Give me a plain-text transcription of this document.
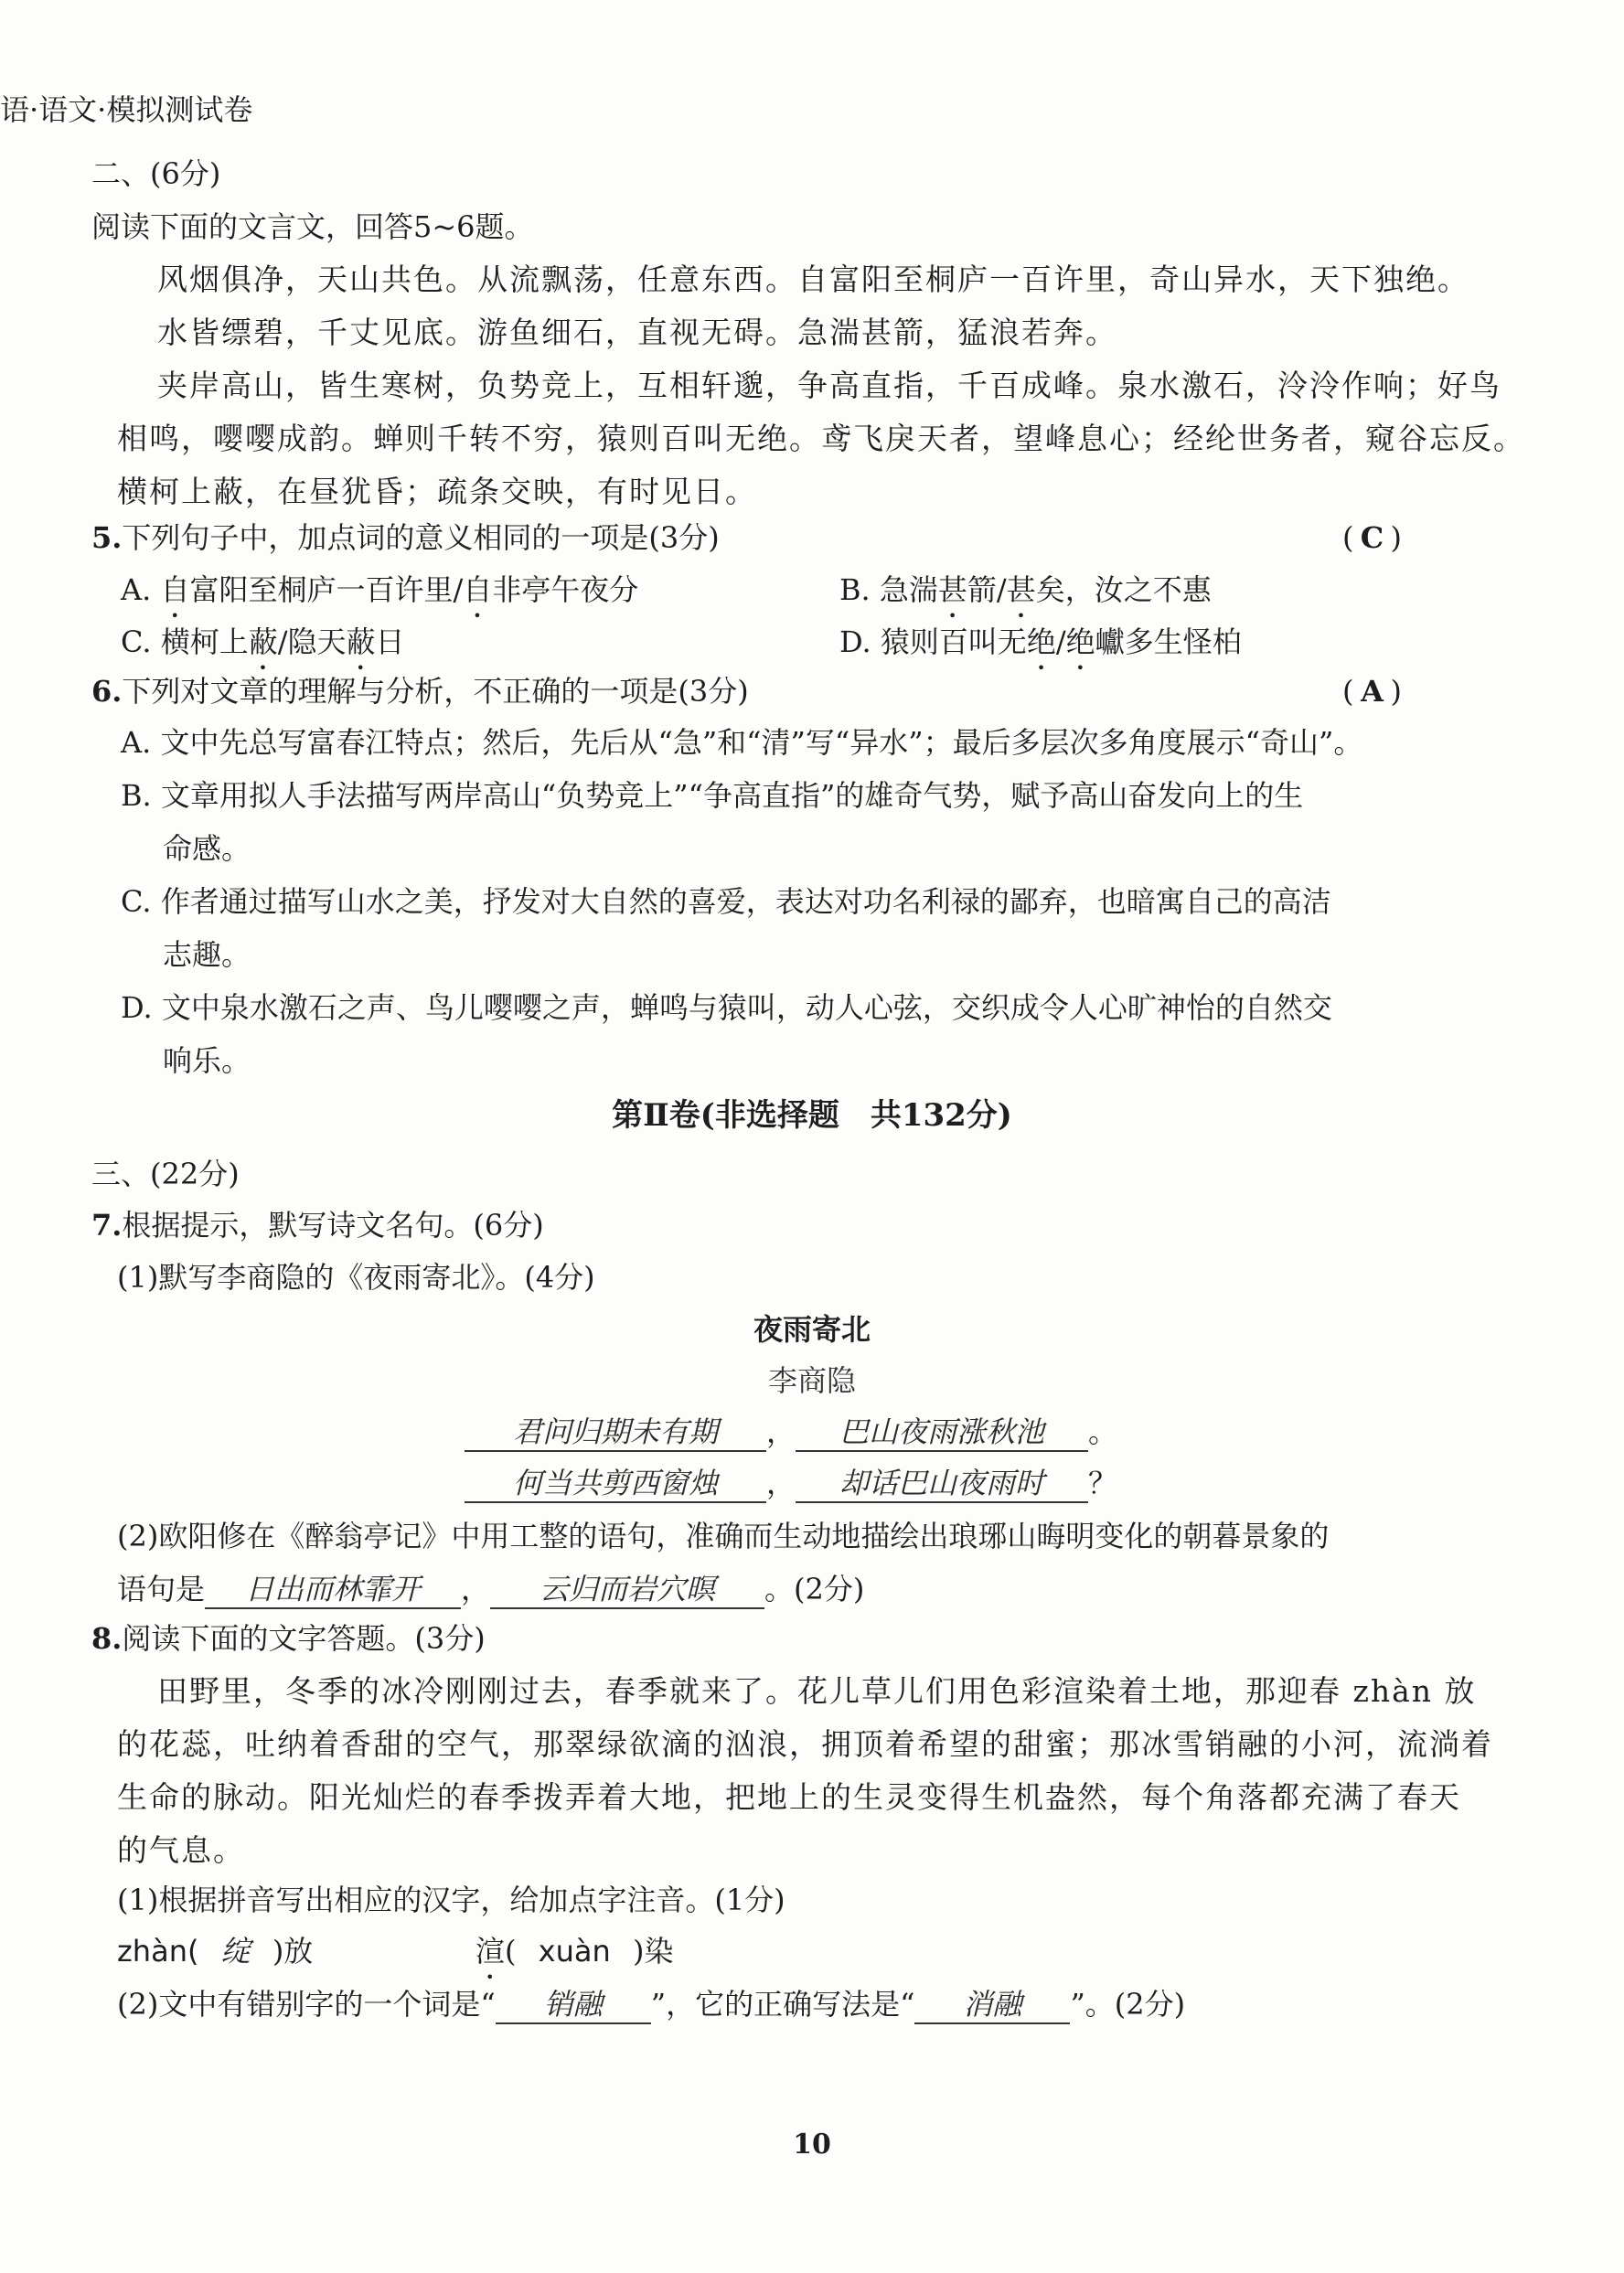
语·语文·模拟测试卷
二、(6分)
阅读下面的文言文，回答5~6题。
风烟俱净，天山共色。从流飘荡，任意东西。自富阳至桐庐一百许里，奇山异水，天下独绝。
水皆缥碧，千丈见底。游鱼细石，直视无碍。急湍甚箭，猛浪若奔。
夹岸高山，皆生寒树，负势竞上，互相轩邈，争高直指，千百成峰。泉水激石，泠泠作响；好鸟
相鸣，嘤嘤成韵。蝉则千转不穷，猿则百叫无绝。鸢飞戾天者，望峰息心；经纶世务者，窥谷忘反。
横柯上蔽，在昼犹昏；疏条交映，有时见日。
5.下列句子中，加点词的意义相同的一项是(3分)	( C )
A. 自富阳至桐庐一百许里/自非亭午夜分	B. 急湍甚箭/甚矣，汝之不惠
C. 横柯上蔽/隐天蔽日	D. 猿则百叫无绝/绝巘多生怪柏
6.下列对文章的理解与分析，不正确的一项是(3分)	( A )
A. 文中先总写富春江特点；然后，先后从“急”和“清”写“异水”；最后多层次多角度展示“奇山”。
B. 文章用拟人手法描写两岸高山“负势竞上”“争高直指”的雄奇气势，赋予高山奋发向上的生
命感。
C. 作者通过描写山水之美，抒发对大自然的喜爱，表达对功名利禄的鄙弃，也暗寓自己的高洁
志趣。
D. 文中泉水激石之声、鸟儿嘤嘤之声，蝉鸣与猿叫，动人心弦，交织成令人心旷神怡的自然交
响乐。
第Ⅱ卷(非选择题　共132分)
三、(22分)
7.根据提示，默写诗文名句。(6分)
(1)默写李商隐的《夜雨寄北》。(4分)
夜雨寄北
李商隐
君问归期未有期 ， 巴山夜雨涨秋池 。
何当共剪西窗烛 ， 却话巴山夜雨时 ？
(2)欧阳修在《醉翁亭记》中用工整的语句，准确而生动地描绘出琅琊山晦明变化的朝暮景象的
语句是 日出而林霏开 ， 云归而岩穴暝 。(2分)
8.阅读下面的文字答题。(3分)
田野里，冬季的冰冷刚刚过去，春季就来了。花儿草儿们用色彩渲染着土地，那迎春 zhàn 放
的花蕊，吐纳着香甜的空气，那翠绿欲滴的汹浪，拥顶着希望的甜蜜；那冰雪销融的小河，流淌着
生命的脉动。阳光灿烂的春季拨弄着大地，把地上的生灵变得生机盎然，每个角落都充满了春天
的气息。
(1)根据拼音写出相应的汉字，给加点字注音。(1分)
zhàn( 绽 )放	渲( xuàn )染
(2)文中有错别字的一个词是“ 销融 ”，它的正确写法是“ 消融 ”。(2分)
10
